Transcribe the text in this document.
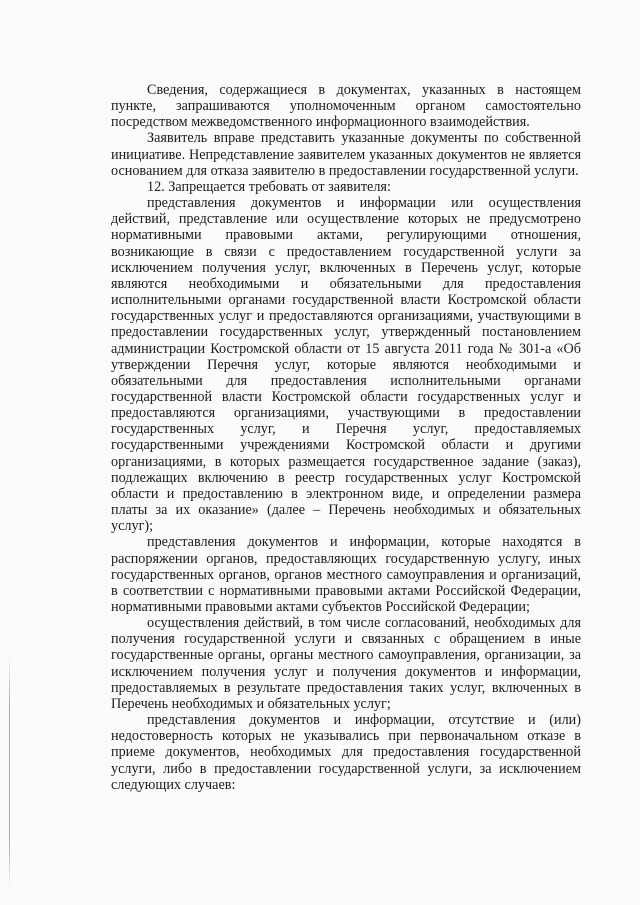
Сведения, содержащиеся в документах, указанных в настоящем пункте, запрашиваются уполномоченным органом самостоятельно посредством межведомственного информационного взаимодействия.

Заявитель вправе представить указанные документы по собственной инициативе. Непредставление заявителем указанных документов не является основанием для отказа заявителю в предоставлении государственной услуги.

12. Запрещается требовать от заявителя:

представления документов и информации или осуществления действий, представление или осуществление которых не предусмотрено нормативными правовыми актами, регулирующими отношения, возникающие в связи с предоставлением государственной услуги за исключением получения услуг, включенных в Перечень услуг, которые являются необходимыми и обязательными для предоставления исполнительными органами государственной власти Костромской области государственных услуг и предоставляются организациями, участвующими в предоставлении государственных услуг, утвержденный постановлением администрации Костромской области от 15 августа 2011 года № 301-а «Об утверждении Перечня услуг, которые являются необходимыми и обязательными для предоставления исполнительными органами государственной власти Костромской области государственных услуг и предоставляются организациями, участвующими в предоставлении государственных услуг, и Перечня услуг, предоставляемых государственными учреждениями Костромской области и другими организациями, в которых размещается государственное задание (заказ), подлежащих включению в реестр государственных услуг Костромской области и предоставлению в электронном виде, и определении размера платы за их оказание» (далее – Перечень необходимых и обязательных услуг);

представления документов и информации, которые находятся в распоряжении органов, предоставляющих государственную услугу, иных государственных органов, органов местного самоуправления и организаций, в соответствии с нормативными правовыми актами Российской Федерации, нормативными правовыми актами субъектов Российской Федерации;

осуществления действий, в том числе согласований, необходимых для получения государственной услуги и связанных с обращением в иные государственные органы, органы местного самоуправления, организации, за исключением получения услуг и получения документов и информации, предоставляемых в результате предоставления таких услуг, включенных в Перечень необходимых и обязательных услуг;

представления документов и информации, отсутствие и (или) недостоверность которых не указывались при первоначальном отказе в приеме документов, необходимых для предоставления государственной услуги, либо в предоставлении государственной услуги, за исключением следующих случаев:
